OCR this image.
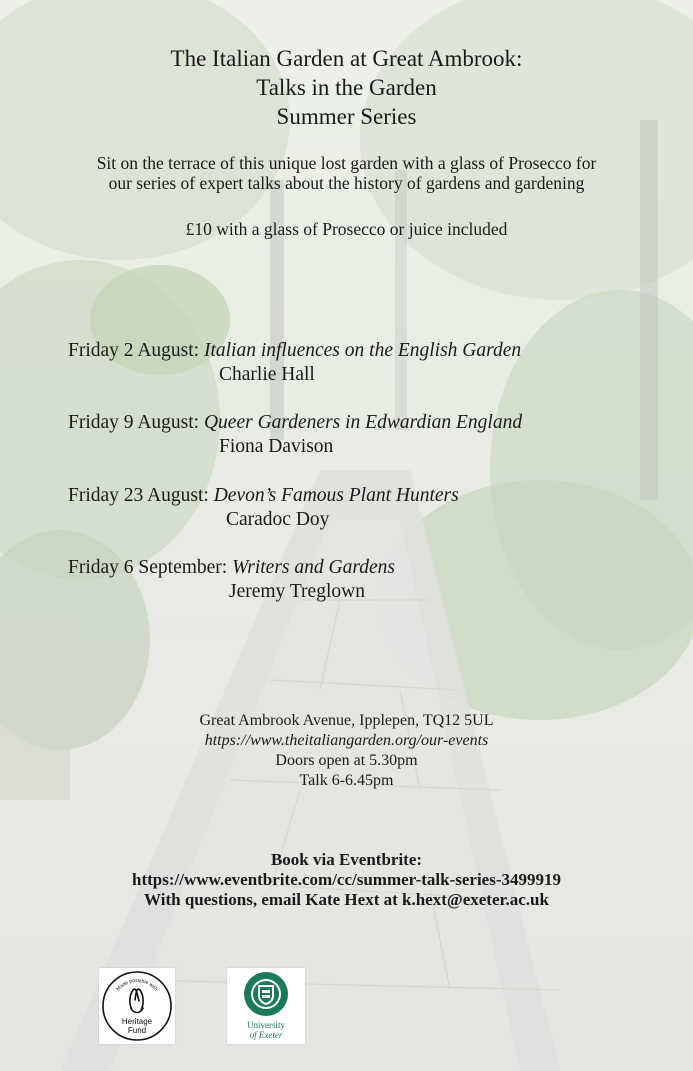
The Italian Garden at Great Ambrook:
Talks in the Garden
Summer Series
Sit on the terrace of this unique lost garden with a glass of Prosecco for
our series of expert talks about the history of gardens and gardening
£10 with a glass of Prosecco or juice included
Friday 2 August: Italian influences on the English Garden
Charlie Hall
Friday 9 August: Queer Gardeners in Edwardian England
Fiona Davison
Friday 23 August: Devon’s Famous Plant Hunters
Caradoc Doy
Friday 6 September: Writers and Gardens
Jeremy Treglown
Great Ambrook Avenue, Ipplepen, TQ12 5UL
https://www.theitaliangarden.org/our-events
Doors open at 5.30pm
Talk 6-6.45pm
Book via Eventbrite:
https://www.eventbrite.com/cc/summer-talk-series-3499919
With questions, email Kate Hext at k.hext@exeter.ac.uk
Made possible with
Heritage
Fund
University
of Exeter
